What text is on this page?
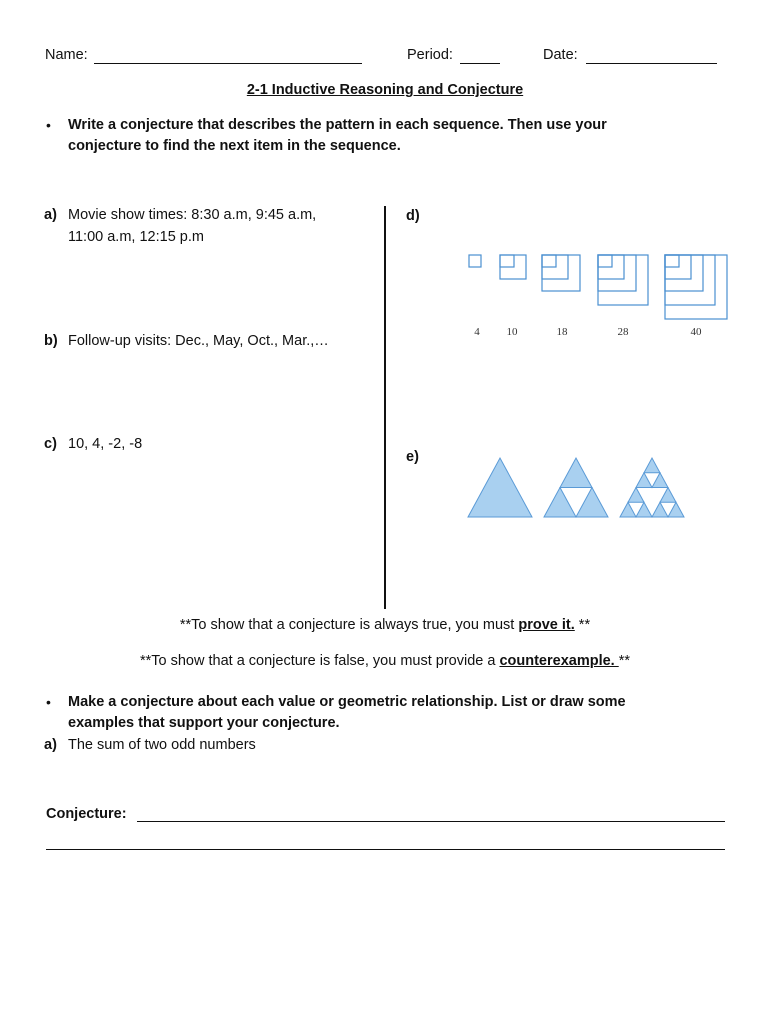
Name:	Period:	Date:
2-1 Inductive Reasoning and Conjecture
• Write a conjecture that describes the pattern in each sequence. Then use your
conjecture to find the next item in the sequence.
a) Movie show times: 8:30 a.m, 9:45 a.m,
11:00 a.m, 12:15 p.m
b) Follow-up visits: Dec., May, Oct., Mar.,…
c) 10, 4, -2, -8
d)
4	10	18	28	40
e)
**To show that a conjecture is always true, you must prove it. **
**To show that a conjecture is false, you must provide a counterexample. **
• Make a conjecture about each value or geometric relationship. List or draw some
examples that support your conjecture.
a) The sum of two odd numbers
Conjecture:
